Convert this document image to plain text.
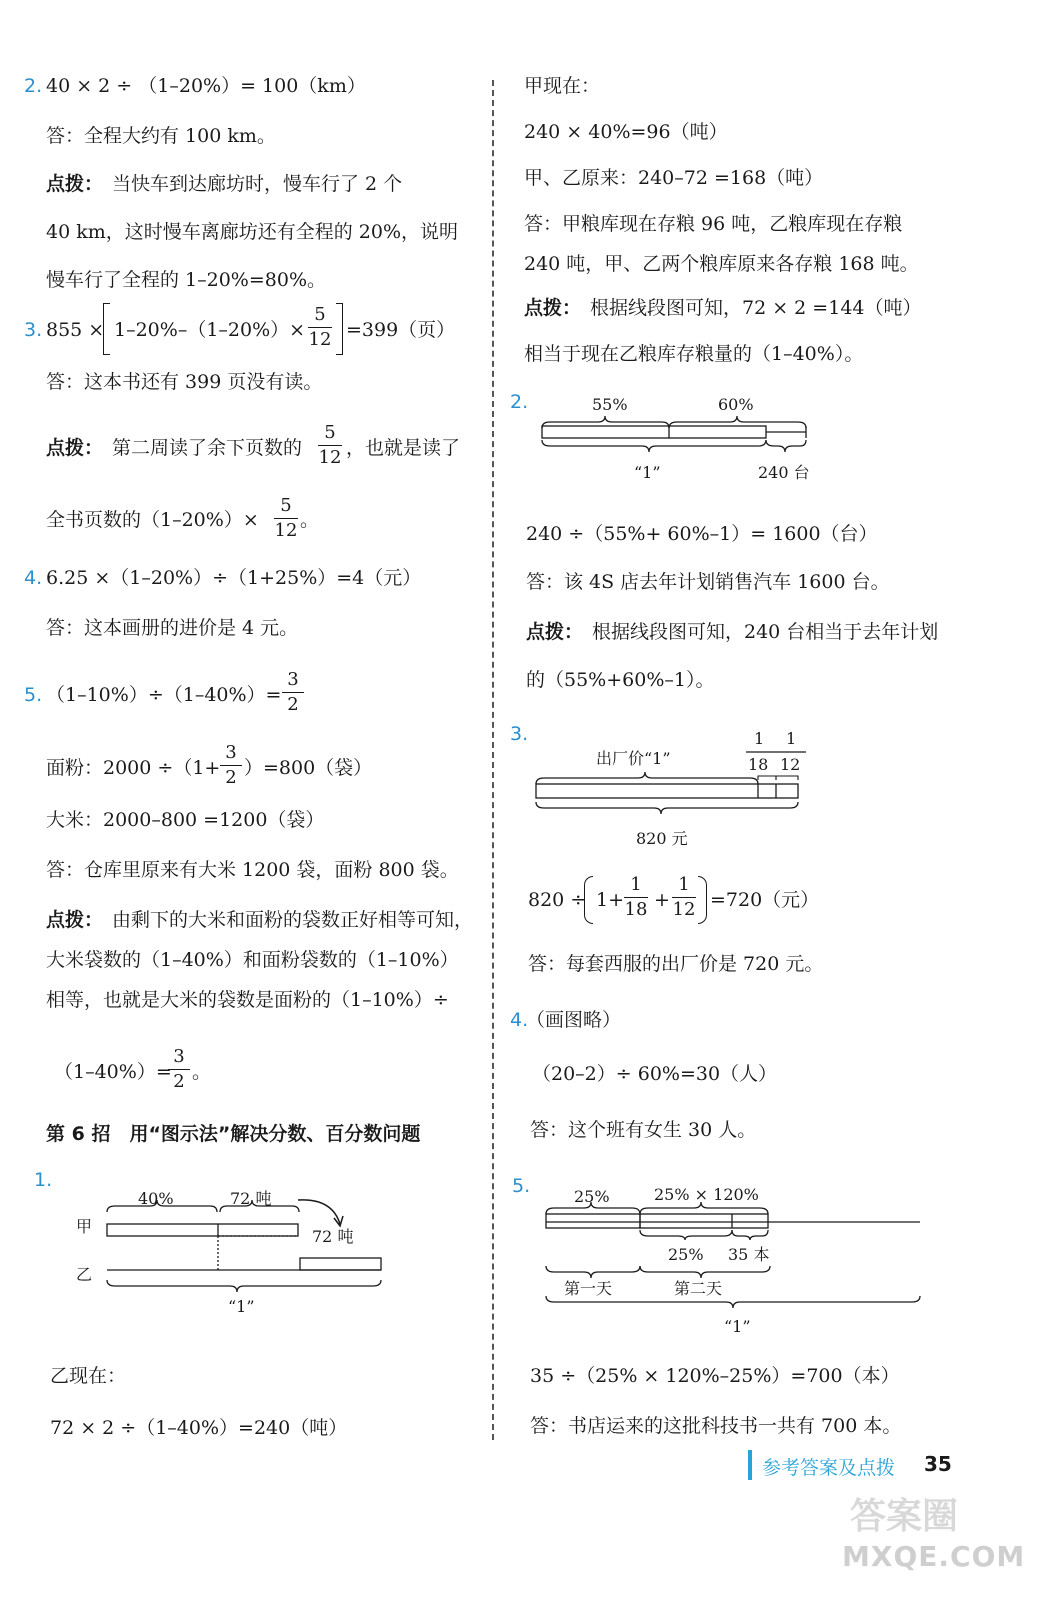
2. 40 × 2 ÷ （1–20%）= 100（km）
答：全程大约有 100 km。
点拨： 当快车到达廊坊时，慢车行了 2 个
40 km，这时慢车离廊坊还有全程的 20%，说明
慢车行了全程的 1–20%=80%。
3. 855 × 1–20%–（1–20%）×
5
12 =399（页）
答：这本书还有 399 页没有读。
点拨： 第二周读了余下页数的
5
12 ，也就是读了
全书页数的（1–20%）×
5
12 。
4. 6.25 ×（1–20%）÷（1+25%）=4（元）
答：这本画册的进价是 4 元。
5. （1–10%）÷（1–40%）=
3
2
面粉：2000 ÷（1+
3
2 ）=800（袋）
大米：2000–800 =1200（袋）
答：仓库里原来有大米 1200 袋，面粉 800 袋。
点拨： 由剩下的大米和面粉的袋数正好相等可知，
大米袋数的（1–40%）和面粉袋数的（1–10%）
相等，也就是大米的袋数是面粉的（1–10%）÷
（1–40%）=
3
2 。
第 6 招　用“图示法”解决分数、百分数问题
1.
40%	72 吨
72 吨
甲
乙
“1”
乙现在：
72 × 2 ÷（1–40%）=240（吨）
甲现在：
240 × 40%=96（吨）
甲、乙原来：240–72 =168（吨）
答：甲粮库现在存粮 96 吨，乙粮库现在存粮
240 吨，甲、乙两个粮库原来各存粮 168 吨。
点拨： 根据线段图可知，72 × 2 =144（吨）
相当于现在乙粮库存粮量的（1–40%）。
2.	55%	60%
“1”	240 台
240 ÷（55%+ 60%–1）= 1600（台）
答：该 4S 店去年计划销售汽车 1600 台。
点拨： 根据线段图可知，240 台相当于去年计划
的（55%+60%–1）。
3.
出厂价“1”
1 1
18 12
820 元
820 ÷ 1+
1
18 +
1
12 =720（元）
答：每套西服的出厂价是 720 元。
4.
（画图略）
（20–2）÷ 60%=30（人）
答：这个班有女生 30 人。
5.	25%	25% × 120%
25% 35 本
第一天	第二天
“1”
35 ÷（25% × 120%–25%）=700（本）
答：书店运来的这批科技书一共有 700 本。
参考答案及点拨 35
答案圈
MXQE.COM
